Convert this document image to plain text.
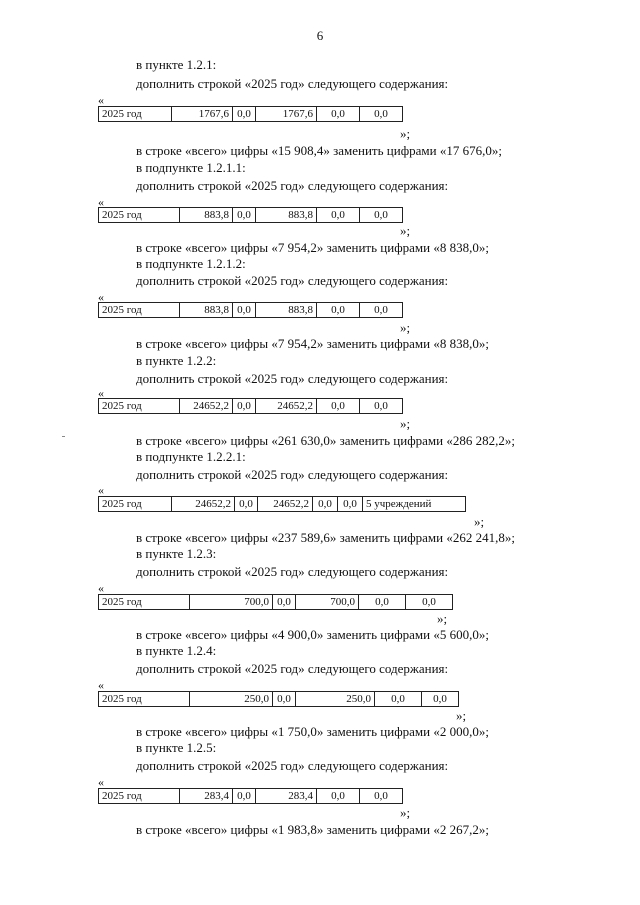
6
в пункте 1.2.1:
дополнить строкой «2025 год» следующего содержания:
«
2025 год	1767,6	0,0	1767,6	0,0	0,0
»;
в строке «всего» цифры «15 908,4» заменить цифрами «17 676,0»;
в подпункте 1.2.1.1:
дополнить строкой «2025 год» следующего содержания:
«
2025 год	883,8	0,0	883,8	0,0	0,0
»;
в строке «всего» цифры «7 954,2» заменить цифрами «8 838,0»;
в подпункте 1.2.1.2:
дополнить строкой «2025 год» следующего содержания:
«
2025 год	883,8	0,0	883,8	0,0	0,0
»;
в строке «всего» цифры «7 954,2» заменить цифрами «8 838,0»;
в пункте 1.2.2:
дополнить строкой «2025 год» следующего содержания:
«
2025 год	24652,2	0,0	24652,2	0,0	0,0
»;
в строке «всего» цифры «261 630,0» заменить цифрами «286 282,2»;
в подпункте 1.2.2.1:
дополнить строкой «2025 год» следующего содержания:
«
2025 год	24652,2	0,0	24652,2	0,0	0,0	5 учреждений
»;
в строке «всего» цифры «237 589,6» заменить цифрами «262 241,8»;
в пункте 1.2.3:
дополнить строкой «2025 год» следующего содержания:
«
2025 год	700,0	0,0	700,0	0,0	0,0
»;
в строке «всего» цифры «4 900,0» заменить цифрами «5 600,0»;
в пункте 1.2.4:
дополнить строкой «2025 год» следующего содержания:
«
2025 год	250,0	0,0	250,0	0,0	0,0
»;
в строке «всего» цифры «1 750,0» заменить цифрами «2 000,0»;
в пункте 1.2.5:
дополнить строкой «2025 год» следующего содержания:
«
2025 год	283,4	0,0	283,4	0,0	0,0
»;
в строке «всего» цифры «1 983,8» заменить цифрами «2 267,2»;
